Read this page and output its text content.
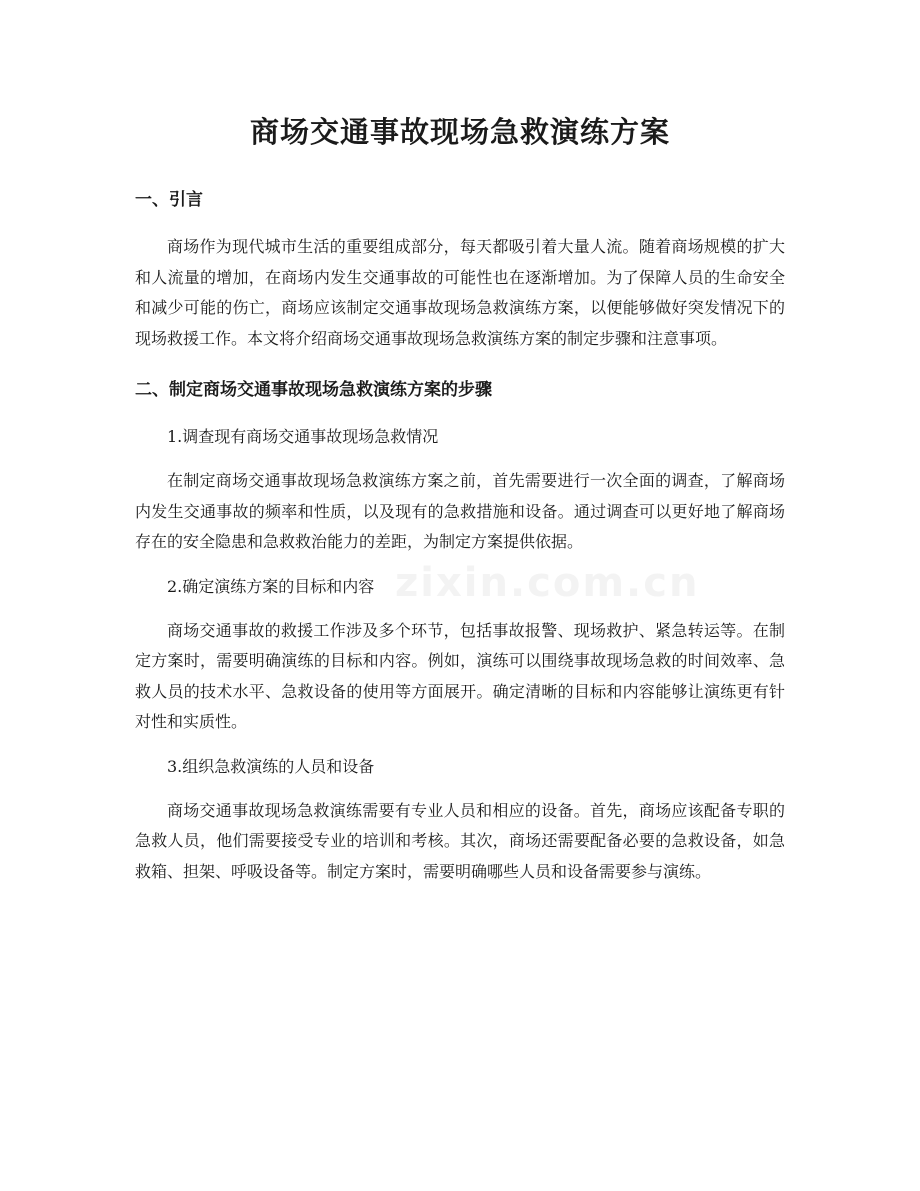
zixin.com.cn
商场交通事故现场急救演练方案
一、引言

商场作为现代城市生活的重要组成部分，每天都吸引着大量人流。随着商场规模的扩大和人流量的增加，在商场内发生交通事故的可能性也在逐渐增加。为了保障人员的生命安全和减少可能的伤亡，商场应该制定交通事故现场急救演练方案，以便能够做好突发情况下的现场救援工作。本文将介绍商场交通事故现场急救演练方案的制定步骤和注意事项。

二、制定商场交通事故现场急救演练方案的步骤

1.调查现有商场交通事故现场急救情况

在制定商场交通事故现场急救演练方案之前，首先需要进行一次全面的调查，了解商场内发生交通事故的频率和性质，以及现有的急救措施和设备。通过调查可以更好地了解商场存在的安全隐患和急救救治能力的差距，为制定方案提供依据。

2.确定演练方案的目标和内容

商场交通事故的救援工作涉及多个环节，包括事故报警、现场救护、紧急转运等。在制定方案时，需要明确演练的目标和内容。例如，演练可以围绕事故现场急救的时间效率、急救人员的技术水平、急救设备的使用等方面展开。确定清晰的目标和内容能够让演练更有针对性和实质性。

3.组织急救演练的人员和设备

商场交通事故现场急救演练需要有专业人员和相应的设备。首先，商场应该配备专职的急救人员，他们需要接受专业的培训和考核。其次，商场还需要配备必要的急救设备，如急救箱、担架、呼吸设备等。制定方案时，需要明确哪些人员和设备需要参与演练。
